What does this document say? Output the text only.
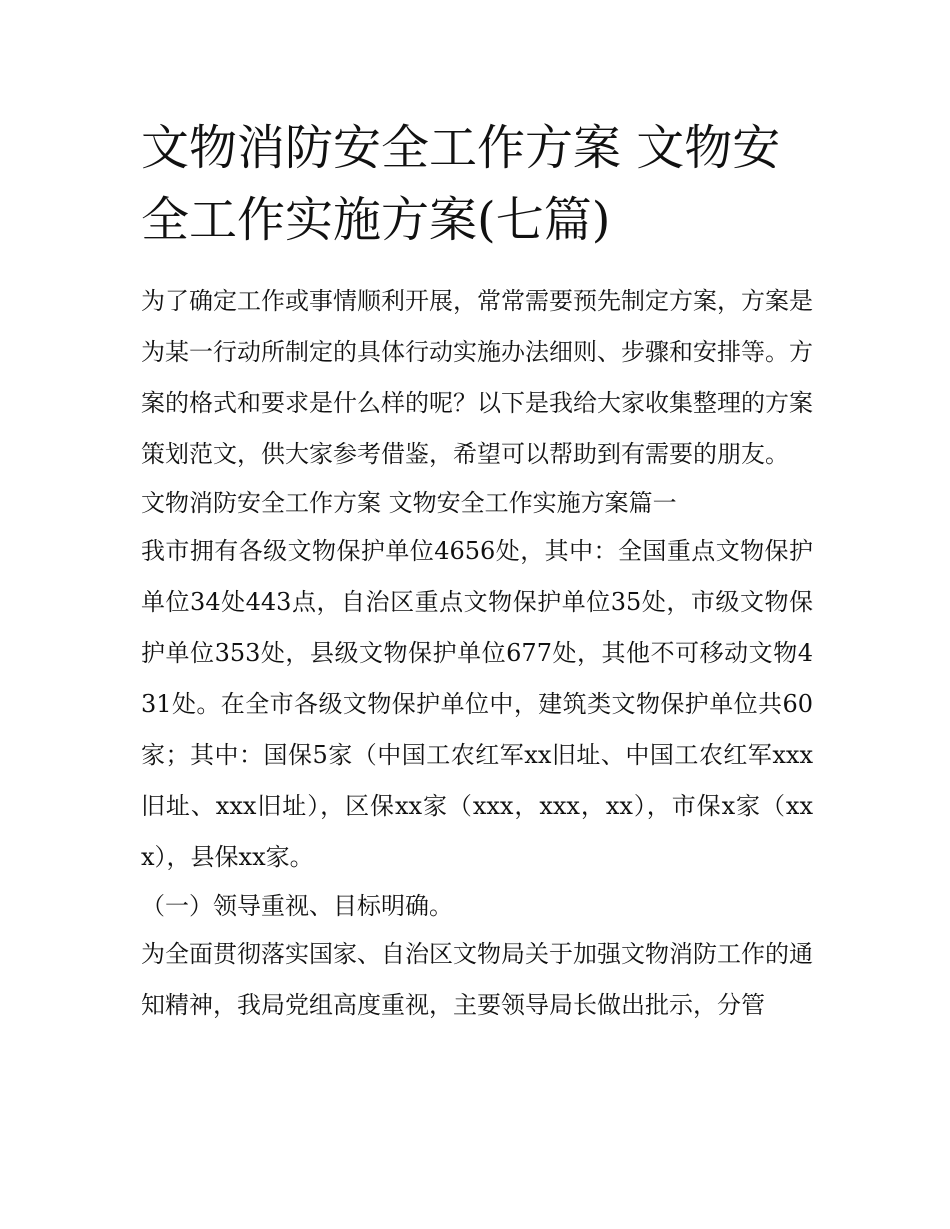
文物消防安全工作方案 文物安全工作实施方案(七篇)

为了确定工作或事情顺利开展，常常需要预先制定方案，方案是为某一行动所制定的具体行动实施办法细则、步骤和安排等。方案的格式和要求是什么样的呢？以下是我给大家收集整理的方案策划范文，供大家参考借鉴，希望可以帮助到有需要的朋友。

文物消防安全工作方案 文物安全工作实施方案篇一

我市拥有各级文物保护单位4656处，其中：全国重点文物保护单位34处443点，自治区重点文物保护单位35处，市级文物保护单位353处，县级文物保护单位677处，其他不可移动文物431处。在全市各级文物保护单位中，建筑类文物保护单位共60家；其中：国保5家（中国工农红军xx旧址、中国工农红军xxx旧址、xxx旧址），区保xx家（xxx，xxx，xx），市保x家（xxx），县保xx家。

（一）领导重视、目标明确。

为全面贯彻落实国家、自治区文物局关于加强文物消防工作的通知精神，我局党组高度重视，主要领导局长做出批示，分管
